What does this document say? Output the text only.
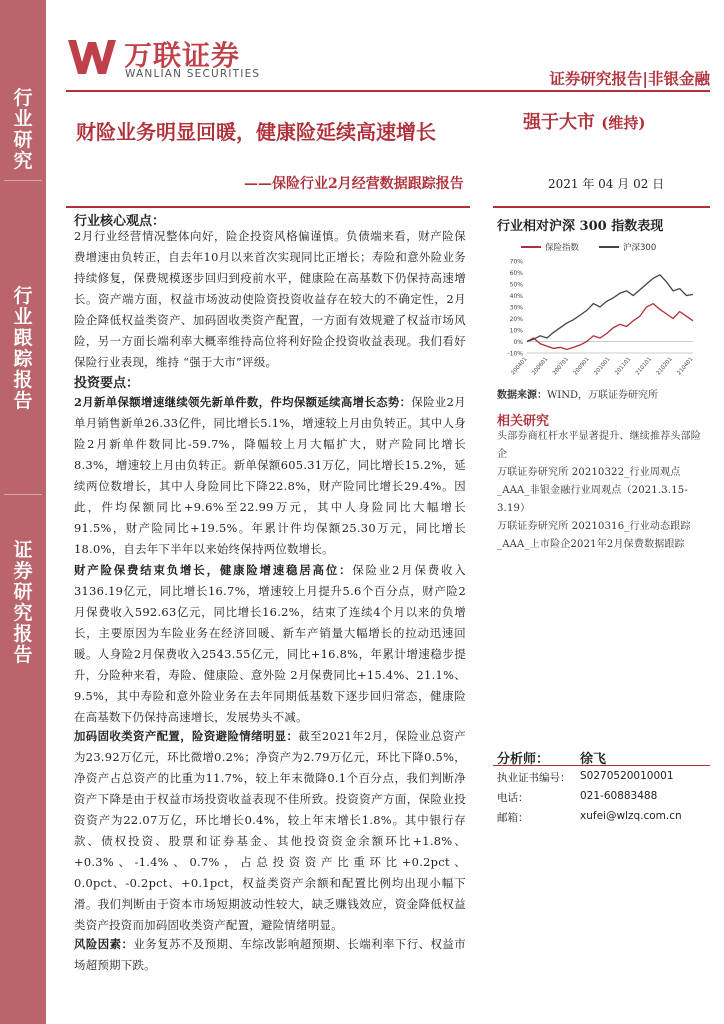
行
业
研
究
行
业
跟
踪
报
告
证
券
研
究
报
告
万联证券
WANLIAN SECURITIES	证券研究报告|非银金融
财险业务明显回暖，健康险延续高速增长
——保险行业2月经营数据跟踪报告
强于大市 (维持)
2021 年 04 月 02 日
行业核心观点：
2月行业经营情况整体向好，险企投资风格偏谨慎。负债端来看，财产险保费增速由负转正，自去年10月以来首次实现同比正增长；寿险和意外险业务持续修复，保费规模逐步回归到疫前水平，健康险在高基数下仍保持高速增长。资产端方面，权益市场波动使险资投资收益存在较大的不确定性，2月险企降低权益类资产、加码固收类资产配置，一方面有效规避了权益市场风险，另一方面长端利率大概率维持高位将利好险企投资收益表现。我们看好保险行业表现，维持 “强于大市”评级。
投资要点：
2月新单保额增速继续领先新单件数，件均保额延续高增长态势：保险业2月单月销售新单26.33亿件，同比增长5.1%，增速较上月由负转正。其中人身险2月新单件数同比-59.7%，降幅较上月大幅扩大，财产险同比增长8.3%，增速较上月由负转正。新单保额605.31万亿，同比增长15.2%，延续两位数增长，其中人身险同比下降22.8%，财产险同比增长29.4%。因此，件均保额同比+9.6%至22.99万元，其中人身险同比大幅增长91.5%，财产险同比+19.5%。年累计件均保额25.30万元，同比增长18.0%，自去年下半年以来始终保持两位数增长。
财产险保费结束负增长，健康险增速稳居高位：保险业2月保费收入3136.19亿元，同比增长16.7%，增速较上月提升5.6个百分点，财产险2月保费收入592.63亿元，同比增长16.2%，结束了连续4个月以来的负增长，主要原因为车险业务在经济回暖、新车产销量大幅增长的拉动迅速回暖。人身险2月保费收入2543.55亿元，同比+16.8%，年累计增速稳步提升，分险种来看，寿险、健康险、意外险 2月保费同比+15.4%、21.1%、9.5%，其中寿险和意外险业务在去年同期低基数下逐步回归常态，健康险在高基数下仍保持高速增长，发展势头不减。
加码固收类资产配置，险资避险情绪明显：截至2021年2月，保险业总资产为23.92万亿元，环比微增0.2%；净资产为2.79万亿元，环比下降0.5%，净资产占总资产的比重为11.7%，较上年末微降0.1个百分点，我们判断净资产下降是由于权益市场投资收益表现不佳所致。投资资产方面，保险业投资资产为22.07万亿，环比增长0.4%，较上年末增长1.8%。其中银行存款、债权投资、股票和证券基金、其他投资资金余额环比+1.8%、+0.3%、-1.4%、0.7%，占总投资资产比重环比+0.2pct、0.0pct、-0.2pct、+0.1pct，权益类资产余额和配置比例均出现小幅下滑。我们判断由于资本市场短期波动性较大，缺乏赚钱效应，资金降低权益类资产投资而加码固收类资产配置，避险情绪明显。
风险因素：业务复苏不及预期、车综改影响超预期、长端利率下行、权益市场超预期下跌。
行业相对沪深 300 指数表现
保险指数	沪深300
70%
60%
50%
40%
30%
20%
10%
0%
-10%
200401 200601 200701 200901 201001 201101 210101 210201 210401
数据来源：WIND，万联证券研究所
相关研究
头部券商杠杆水平显著提升、继续推荐头部险企
万联证券研究所 20210322_行业周观点_AAA_非银金融行业周观点（2021.3.15-3.19）
万联证券研究所 20210316_行业动态跟踪_AAA_上市险企2021年2月保费数据跟踪
分析师： 徐飞
执业证书编号： S0270520010001
电话：	021-60883488
邮箱：	xufei@wlzq.com.cn
